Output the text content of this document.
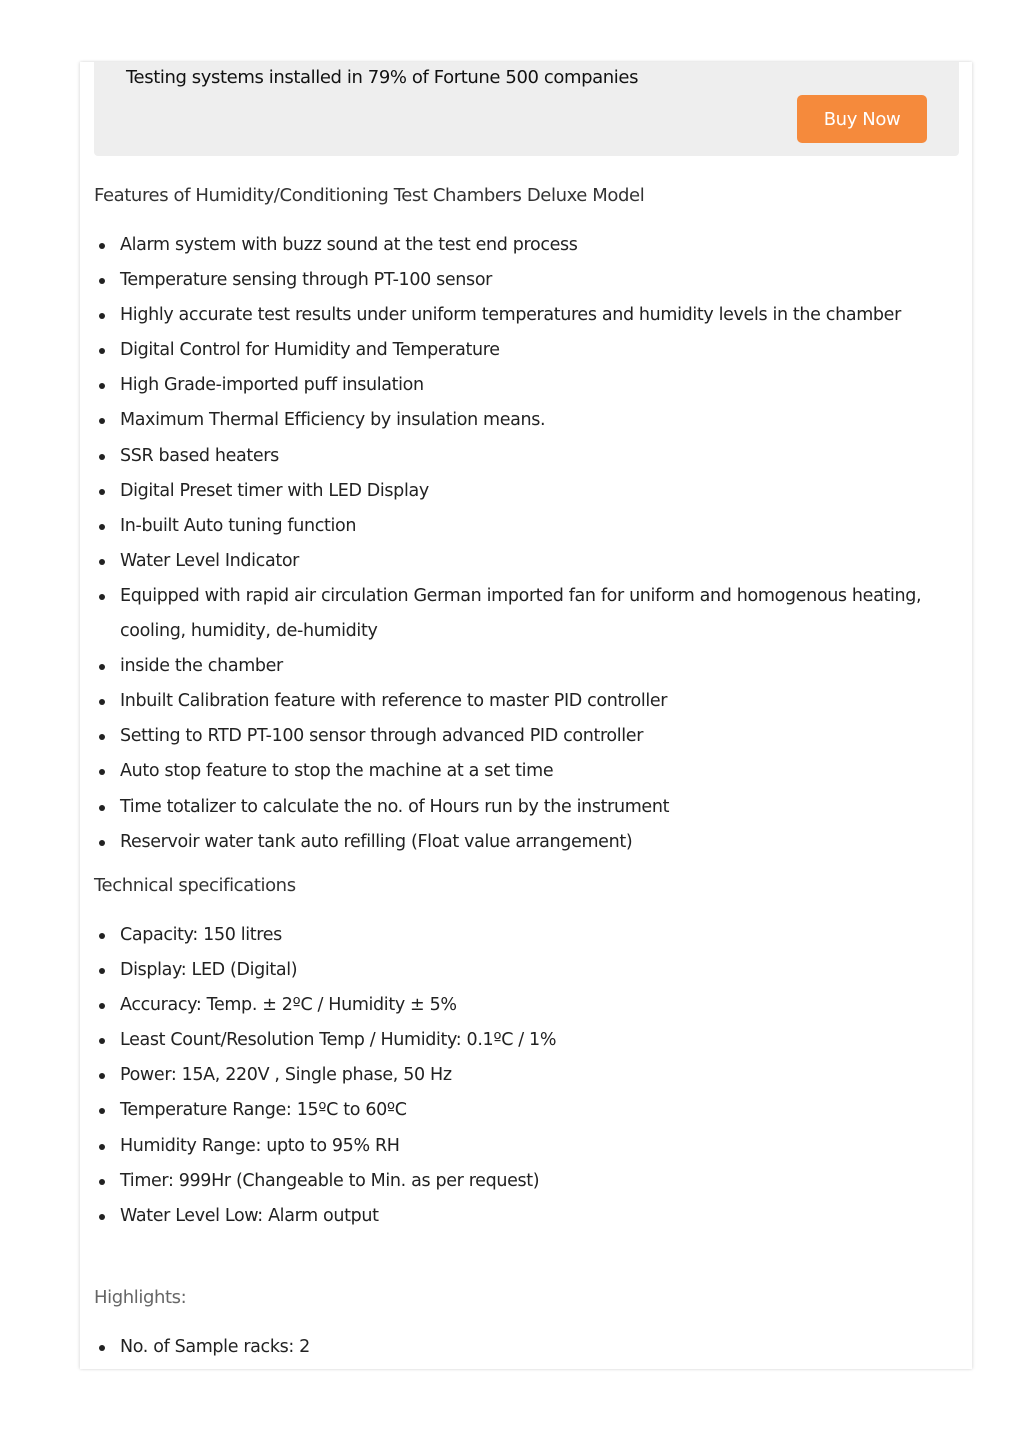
Testing systems installed in 79% of Fortune 500 companies
Buy Now
Features of Humidity/Conditioning Test Chambers Deluxe Model
Alarm system with buzz sound at the test end process
Temperature sensing through PT-100 sensor
Highly accurate test results under uniform temperatures and humidity levels in the chamber
Digital Control for Humidity and Temperature
High Grade-imported puff insulation
Maximum Thermal Efficiency by insulation means.
SSR based heaters
Digital Preset timer with LED Display
In-built Auto tuning function
Water Level Indicator
Equipped with rapid air circulation German imported fan for uniform and homogenous heating, cooling, humidity, de-humidity
inside the chamber
Inbuilt Calibration feature with reference to master PID controller
Setting to RTD PT-100 sensor through advanced PID controller
Auto stop feature to stop the machine at a set time
Time totalizer to calculate the no. of Hours run by the instrument
Reservoir water tank auto refilling (Float value arrangement)
Technical specifications
Capacity: 150 litres
Display: LED (Digital)
Accuracy: Temp. ± 2ºC / Humidity ± 5%
Least Count/Resolution Temp / Humidity: 0.1ºC / 1%
Power: 15A, 220V , Single phase, 50 Hz
Temperature Range: 15ºC to 60ºC
Humidity Range: upto to 95% RH
Timer: 999Hr (Changeable to Min. as per request)
Water Level Low: Alarm output
Highlights:
No. of Sample racks: 2
